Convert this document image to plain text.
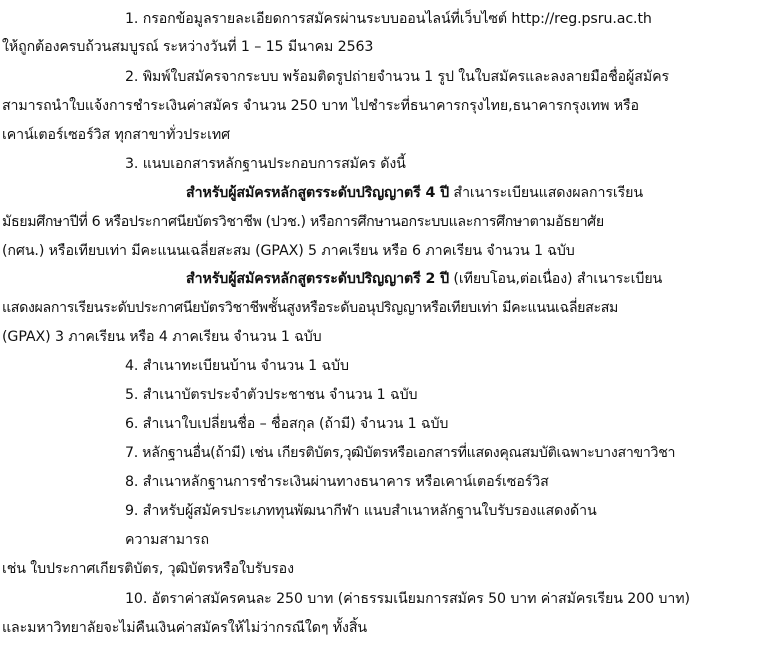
1. กรอกข้อมูลรายละเอียดการสมัครผ่านระบบออนไลน์ที่เว็บไซต์ http://reg.psru.ac.th
ให้ถูกต้องครบถ้วนสมบูรณ์ ระหว่างวันที่ 1 – 15 มีนาคม 2563
2. พิมพ์ใบสมัครจากระบบ พร้อมติดรูปถ่ายจำนวน 1 รูป ในใบสมัครและลงลายมือชื่อผู้สมัคร
สามารถนำใบแจ้งการชำระเงินค่าสมัคร จำนวน 250 บาท ไปชำระที่ธนาคารกรุงไทย,ธนาคารกรุงเทพ หรือ
เคาน์เตอร์เซอร์วิส ทุกสาขาทั่วประเทศ
3. แนบเอกสารหลักฐานประกอบการสมัคร ดังนี้
สำหรับผู้สมัครหลักสูตรระดับปริญญาตรี 4 ปี สำเนาระเบียนแสดงผลการเรียน
มัธยมศึกษาปีที่ 6 หรือประกาศนียบัตรวิชาชีพ (ปวช.) หรือการศึกษานอกระบบและการศึกษาตามอัธยาศัย
(กศน.) หรือเทียบเท่า มีคะแนนเฉลี่ยสะสม (GPAX) 5 ภาคเรียน หรือ 6 ภาคเรียน จำนวน 1 ฉบับ
สำหรับผู้สมัครหลักสูตรระดับปริญญาตรี 2 ปี (เทียบโอน,ต่อเนื่อง) สำเนาระเบียน
แสดงผลการเรียนระดับประกาศนียบัตรวิชาชีพชั้นสูงหรือระดับอนุปริญญาหรือเทียบเท่า มีคะแนนเฉลี่ยสะสม
(GPAX) 3 ภาคเรียน หรือ 4 ภาคเรียน จำนวน 1 ฉบับ
4. สำเนาทะเบียนบ้าน จำนวน 1 ฉบับ
5. สำเนาบัตรประจำตัวประชาชน จำนวน 1 ฉบับ
6. สำเนาใบเปลี่ยนชื่อ – ชื่อสกุล (ถ้ามี) จำนวน 1 ฉบับ
7. หลักฐานอื่น(ถ้ามี) เช่น เกียรติบัตร,วุฒิบัตรหรือเอกสารที่แสดงคุณสมบัติเฉพาะบางสาขาวิชา
8. สำเนาหลักฐานการชำระเงินผ่านทางธนาคาร หรือเคาน์เตอร์เซอร์วิส
9. สำหรับผู้สมัครประเภททุนพัฒนากีฬา แนบสำเนาหลักฐานใบรับรองแสดงด้าน
ความสามารถ
เช่น ใบประกาศเกียรติบัตร, วุฒิบัตรหรือใบรับรอง
10. อัตราค่าสมัครคนละ 250 บาท (ค่าธรรมเนียมการสมัคร 50 บาท ค่าสมัครเรียน 200 บาท)
และมหาวิทยาลัยจะไม่คืนเงินค่าสมัครให้ไม่ว่ากรณีใดๆ ทั้งสิ้น
